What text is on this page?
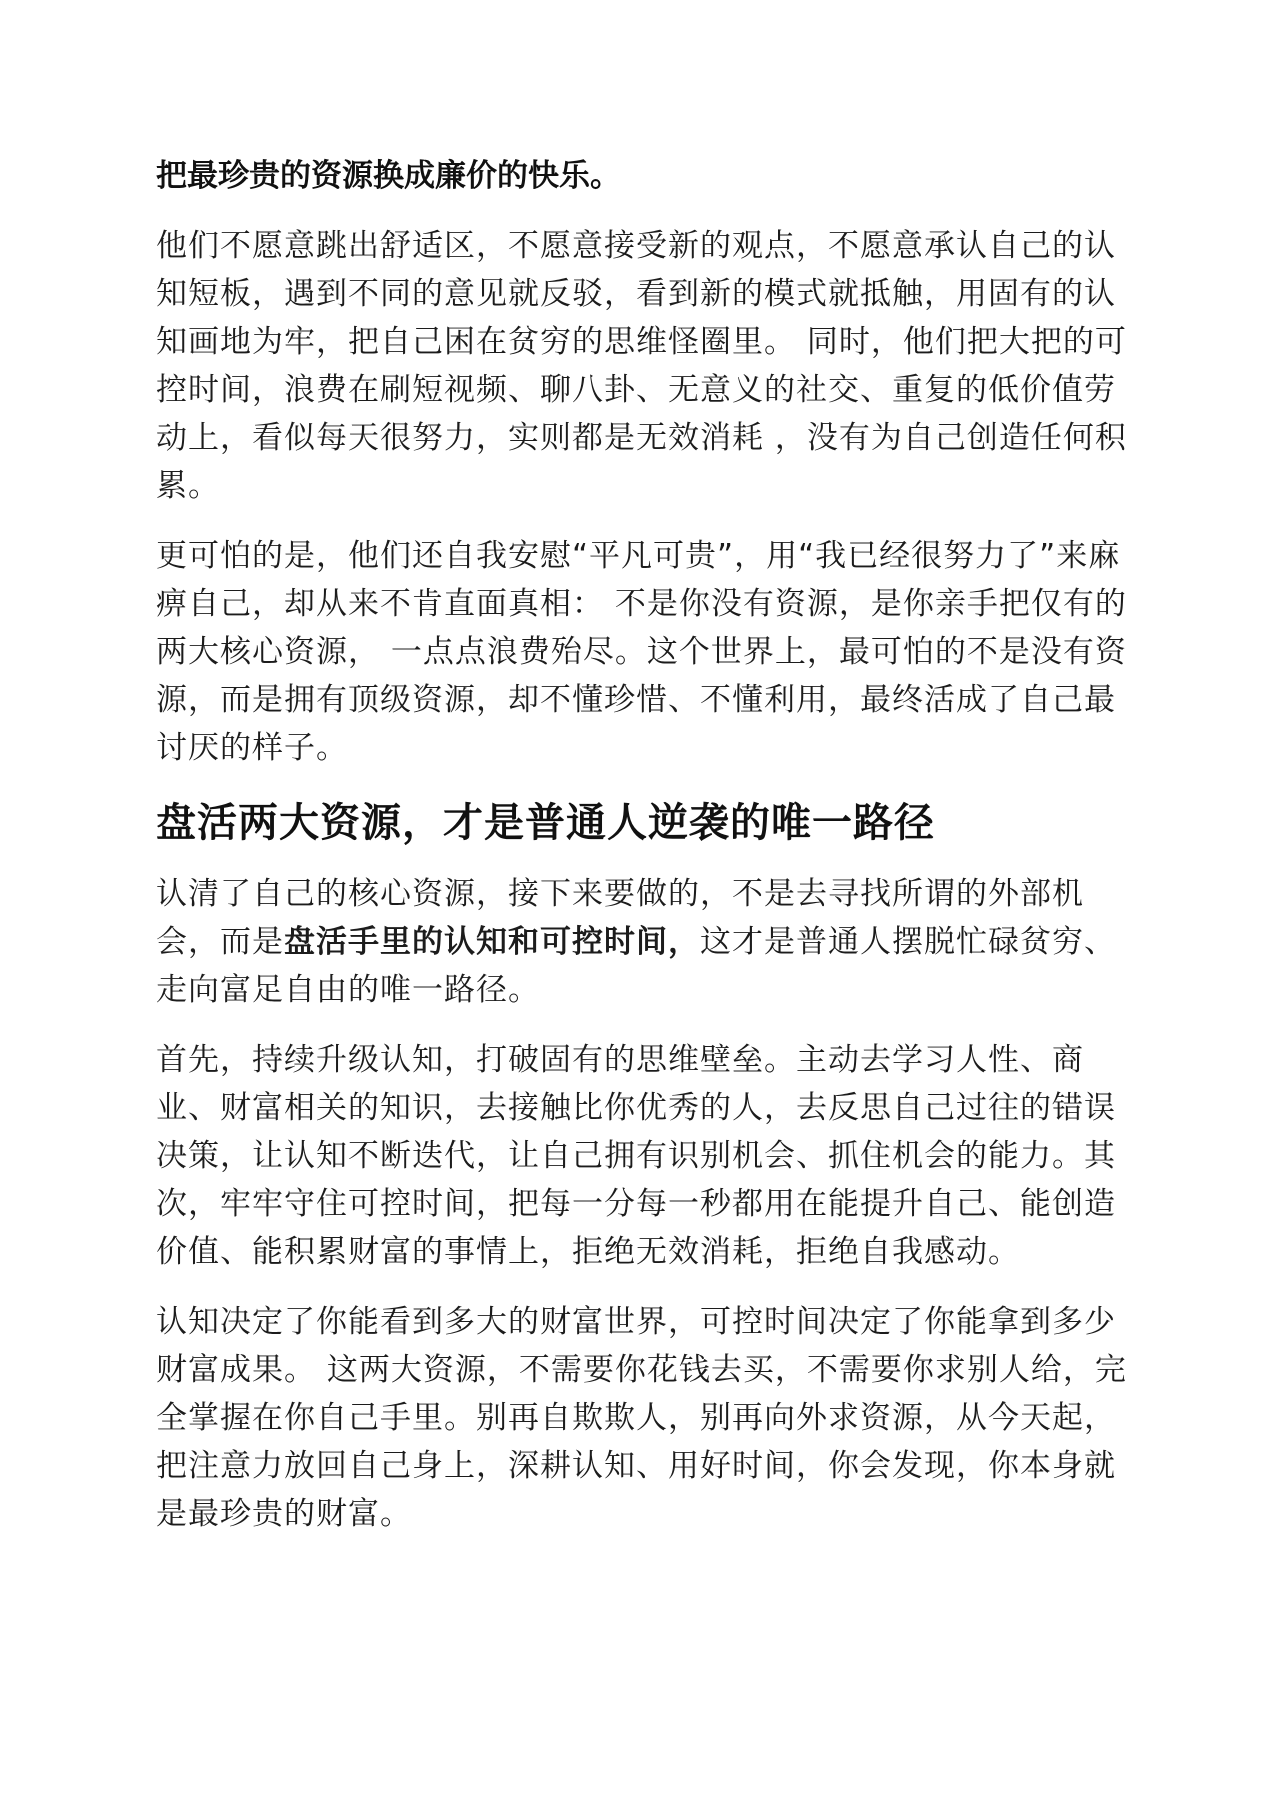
把最珍贵的资源换成廉价的快乐。

他们不愿意跳出舒适区，不愿意接受新的观点，不愿意承认自己的认知短板，遇到不同的意见就反驳，看到新的模式就抵触，用固有的认知画地为牢，把自己困在贫穷的思维怪圈里。 同时，他们把大把的可控时间，浪费在刷短视频、聊八卦、无意义的社交、重复的低价值劳动上，看似每天很努力，实则都是无效消耗 ，没有为自己创造任何积累。

更可怕的是，他们还自我安慰“平凡可贵”，用“我已经很努力了”来麻痹自己，却从来不肯直面真相： 不是你没有资源，是你亲手把仅有的两大核心资源， 一点点浪费殆尽。这个世界上，最可怕的不是没有资源，而是拥有顶级资源，却不懂珍惜、不懂利用，最终活成了自己最讨厌的样子。

盘活两大资源，才是普通人逆袭的唯一路径

认清了自己的核心资源，接下来要做的，不是去寻找所谓的外部机会，而是盘活手里的认知和可控时间，这才是普通人摆脱忙碌贫穷、走向富足自由的唯一路径。

首先，持续升级认知，打破固有的思维壁垒。主动去学习人性、商业、财富相关的知识，去接触比你优秀的人，去反思自己过往的错误决策，让认知不断迭代，让自己拥有识别机会、抓住机会的能力。其次，牢牢守住可控时间，把每一分每一秒都用在能提升自己、能创造价值、能积累财富的事情上，拒绝无效消耗，拒绝自我感动。

认知决定了你能看到多大的财富世界，可控时间决定了你能拿到多少财富成果。 这两大资源，不需要你花钱去买，不需要你求别人给，完全掌握在你自己手里。别再自欺欺人，别再向外求资源，从今天起，把注意力放回自己身上，深耕认知、用好时间，你会发现，你本身就是最珍贵的财富。
